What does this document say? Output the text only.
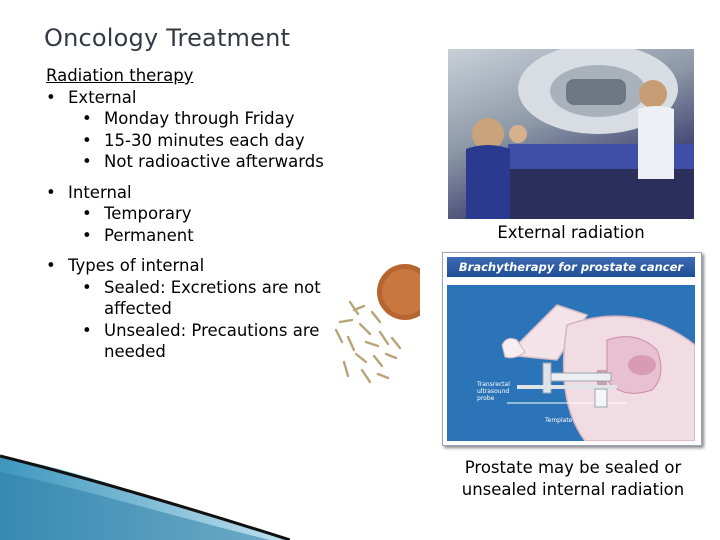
Oncology Treatment
Radiation therapy
• External
• Monday through Friday
• 15-30 minutes each day
• Not radioactive afterwards
• Internal
• Temporary
• Permanent
• Types of internal
• Sealed: Excretions are not affected
• Unsealed: Precautions are needed
External radiation
Brachytherapy for prostate cancer
Transrectal ultrasound probe
Template
Prostate may be sealed or unsealed internal radiation
